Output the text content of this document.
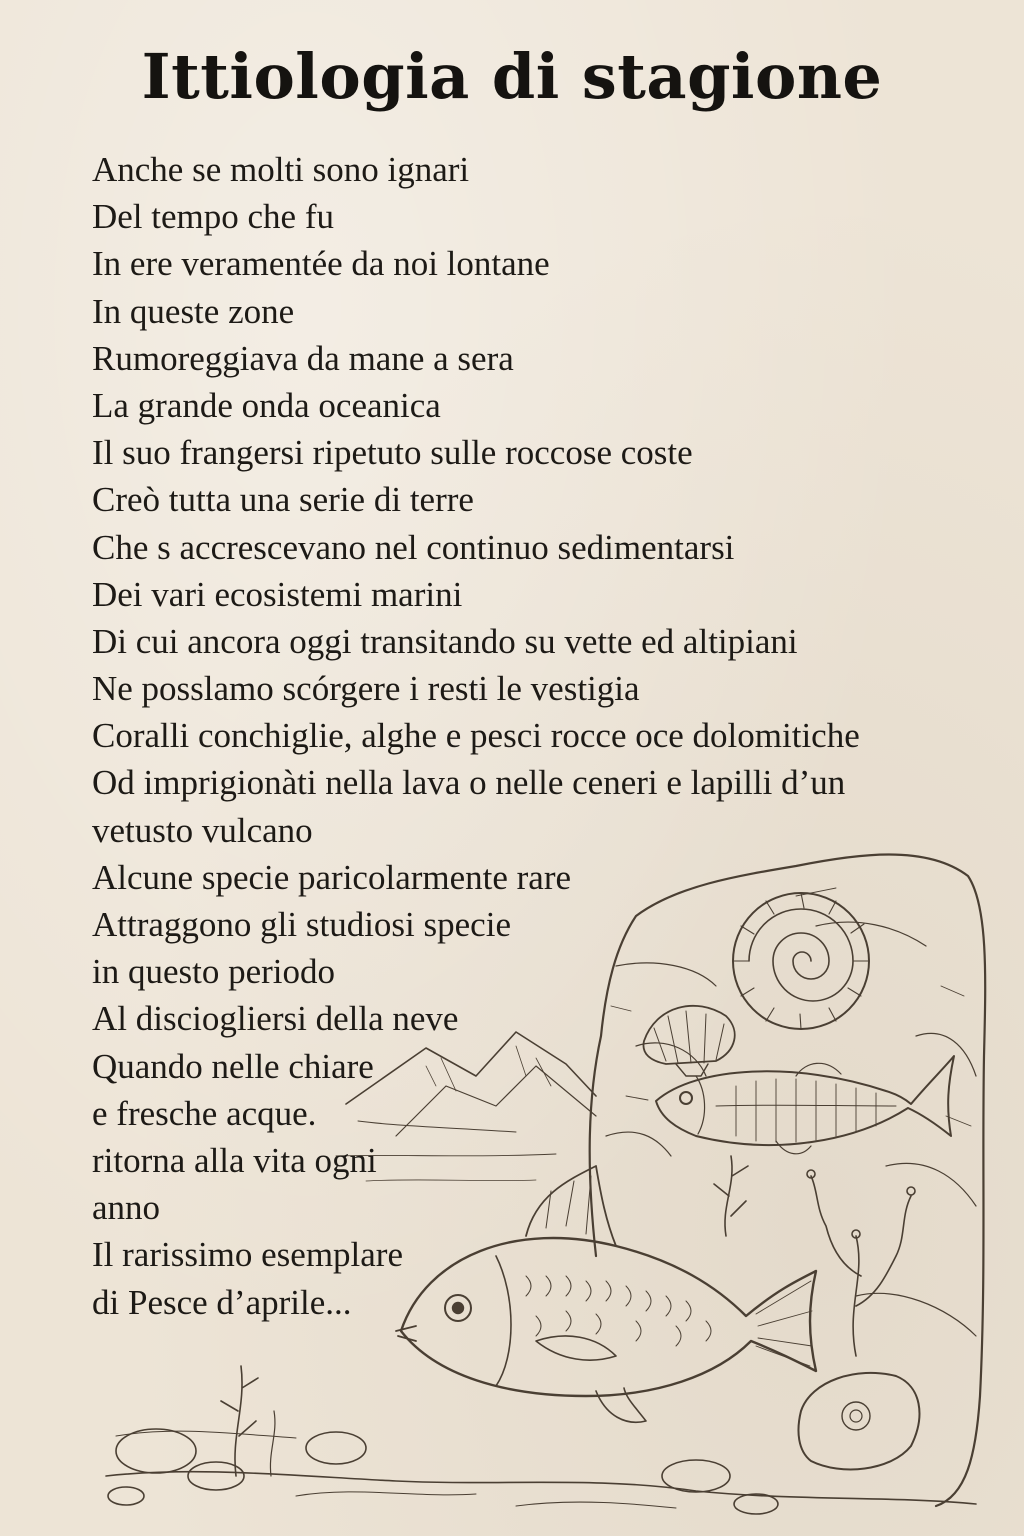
Ittiologia di stagione
Anche se molti sono ignari
Del tempo che fu
In ere veramentée da noi lontane
In queste zone
Rumoreggiava da mane a sera
La grande onda oceanica
Il suo frangersi ripetuto sulle roccose coste
Creò tutta una serie di terre
Che s accrescevano nel continuo sedimentarsi
Dei vari ecosistemi marini
Di cui ancora oggi transitando su vette ed altipiani
Ne posslamo scórgere i resti le vestigia
Coralli conchiglie, alghe e pesci rocce oce dolomitiche
Od imprigionàti nella lava o nelle ceneri e lapilli d’un
vetusto vulcano
Alcune specie paricolarmente rare
Attraggono gli studiosi specie
in questo periodo
Al disciogliersi della neve
Quando nelle chiare
e fresche acque.
ritorna alla vita ogni
anno
Il rarissimo esemplare
di Pesce d’aprile...
